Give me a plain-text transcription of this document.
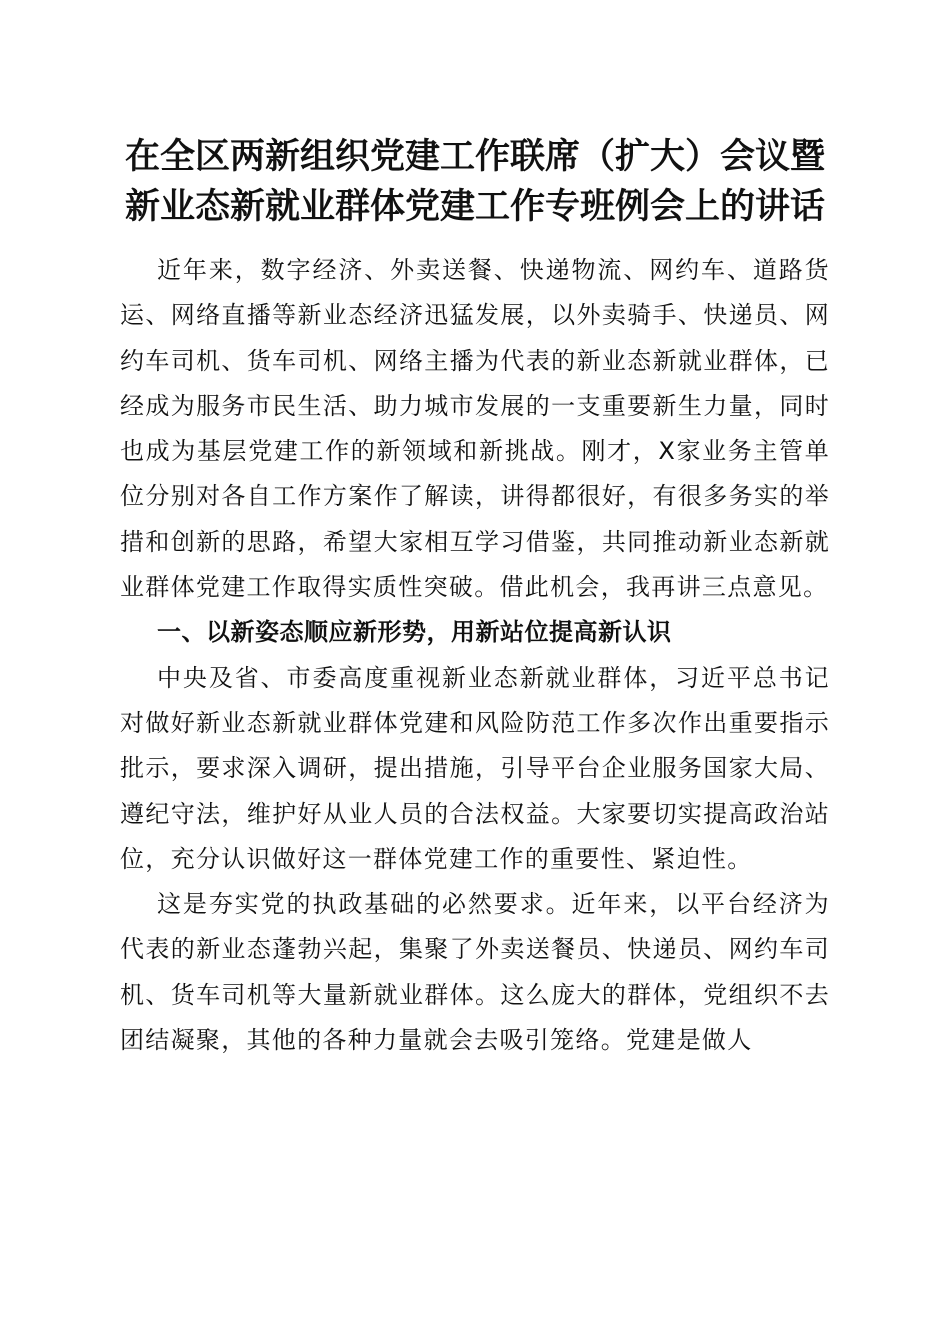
在全区两新组织党建工作联席（扩大）会议暨
新业态新就业群体党建工作专班例会上的讲话

近年来，数字经济、外卖送餐、快递物流、网约车、道路货运、网络直播等新业态经济迅猛发展，以外卖骑手、快递员、网约车司机、货车司机、网络主播为代表的新业态新就业群体，已经成为服务市民生活、助力城市发展的一支重要新生力量，同时也成为基层党建工作的新领域和新挑战。刚才，X家业务主管单位分别对各自工作方案作了解读，讲得都很好，有很多务实的举措和创新的思路，希望大家相互学习借鉴，共同推动新业态新就业群体党建工作取得实质性突破。借此机会，我再讲三点意见。

一、以新姿态顺应新形势，用新站位提高新认识

中央及省、市委高度重视新业态新就业群体，习近平总书记对做好新业态新就业群体党建和风险防范工作多次作出重要指示批示，要求深入调研，提出措施，引导平台企业服务国家大局、遵纪守法，维护好从业人员的合法权益。大家要切实提高政治站位，充分认识做好这一群体党建工作的重要性、紧迫性。

这是夯实党的执政基础的必然要求。近年来，以平台经济为代表的新业态蓬勃兴起，集聚了外卖送餐员、快递员、网约车司机、货车司机等大量新就业群体。这么庞大的群体，党组织不去团结凝聚，其他的各种力量就会去吸引笼络。党建是做人
